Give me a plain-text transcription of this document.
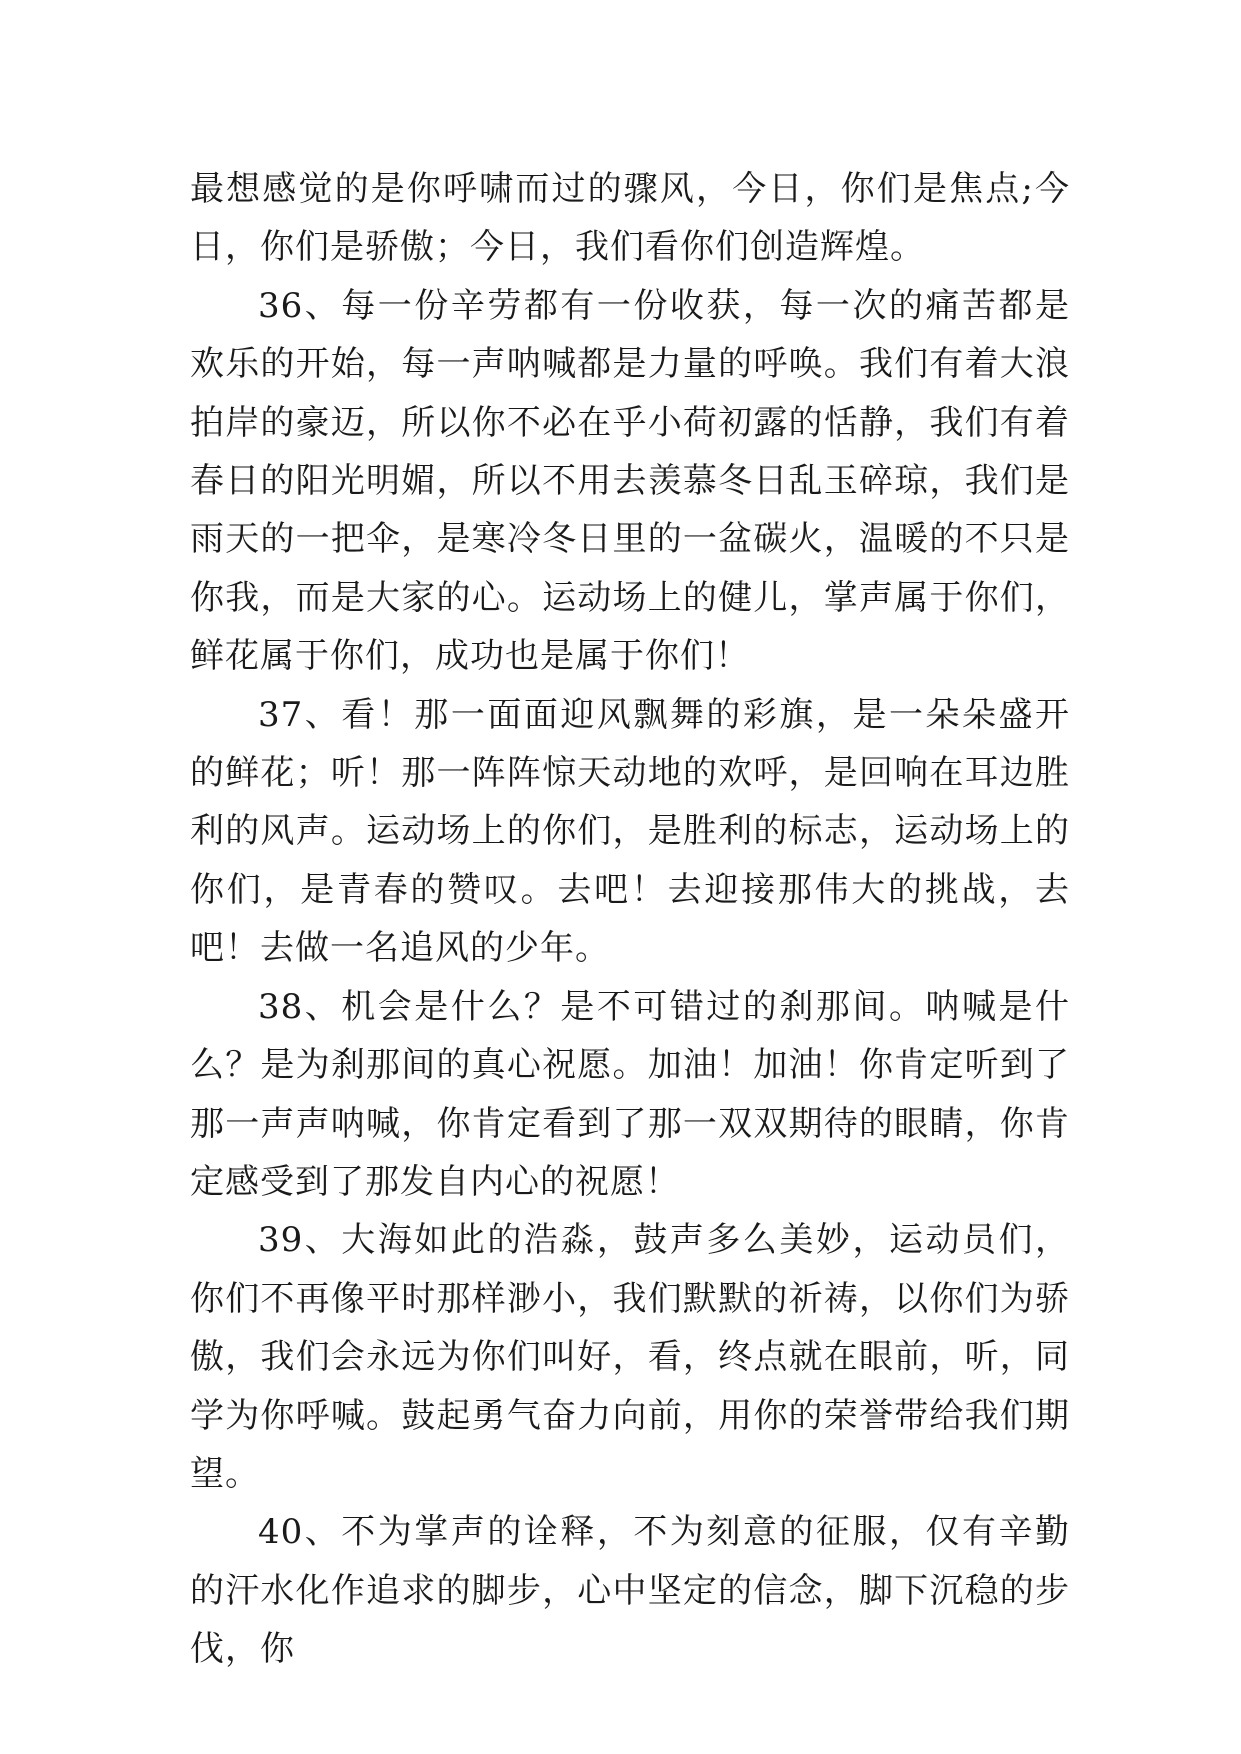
最想感觉的是你呼啸而过的骤风，今日，你们是焦点;今日，你们是骄傲；今日，我们看你们创造辉煌。

36、每一份辛劳都有一份收获，每一次的痛苦都是欢乐的开始，每一声呐喊都是力量的呼唤。我们有着大浪拍岸的豪迈，所以你不必在乎小荷初露的恬静，我们有着春日的阳光明媚，所以不用去羡慕冬日乱玉碎琼，我们是雨天的一把伞，是寒冷冬日里的一盆碳火，温暖的不只是你我，而是大家的心。运动场上的健儿，掌声属于你们，鲜花属于你们，成功也是属于你们！

37、看！那一面面迎风飘舞的彩旗，是一朵朵盛开的鲜花；听！那一阵阵惊天动地的欢呼，是回响在耳边胜利的风声。运动场上的你们，是胜利的标志，运动场上的你们，是青春的赞叹。去吧！去迎接那伟大的挑战，去吧！去做一名追风的少年。

38、机会是什么？是不可错过的刹那间。呐喊是什么？是为刹那间的真心祝愿。加油！加油！你肯定听到了那一声声呐喊，你肯定看到了那一双双期待的眼睛，你肯定感受到了那发自内心的祝愿！

39、大海如此的浩淼，鼓声多么美妙，运动员们，你们不再像平时那样渺小，我们默默的祈祷，以你们为骄傲，我们会永远为你们叫好，看，终点就在眼前，听，同学为你呼喊。鼓起勇气奋力向前，用你的荣誉带给我们期望。

40、不为掌声的诠释，不为刻意的征服，仅有辛勤的汗水化作追求的脚步，心中坚定的信念，脚下沉稳的步伐，你
